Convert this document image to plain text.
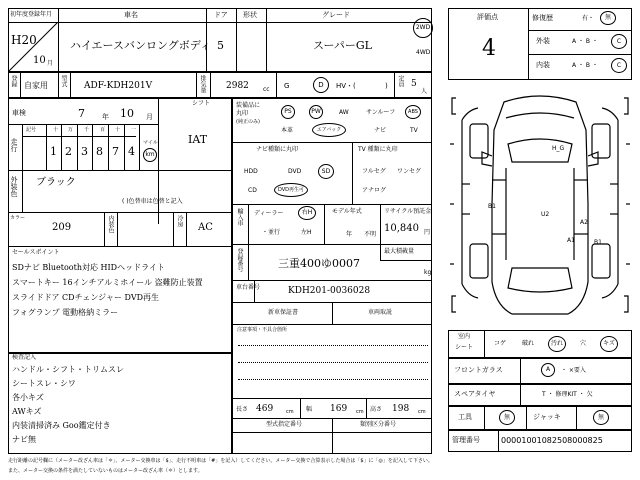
初年度登録年月
H20
10 月
車名
ハイエースバンロングボディ
ドア
5
形状	グレード
スーパーGL
2WD
4WD
登録 自家用 型式 ADF-KDH201V	排気量 2982 cc G	D HV・(	) 定員 5
人
車検	7 年 10 月
シフト
IAT
走行
記号	十 万 千 百 十 一
1 2 3 8 7 4
マイル
km
外装色 ブラック
( )色替車は色替と記入
カラー
209	内装色	冷房
AC
セールスポイント
SDナビ Bluetooth対応 HIDヘッドライト
スマートキー 16インチアルミホイール 盗難防止装置
スライドドア CDチェンジャー DVD再生
フォグランプ 電動格納ミラー
検査記入
ハンドル・シフト・トリムスレ
シートスレ・シワ
各小キズ
AWキズ
内装清掃済み Goo鑑定付き
ナビ無
装備品に
丸印
(純正のみ)
PS	PW	AW	サンルーフ	ABS
本革	エアバック	ナビ	TV
ナビ種類に丸印
HDD	DVD	SD
CD	DVD再生可
TV 種類に丸印
フルセグ ワンセグ
アナログ
輸入車 ディーラー
・並行
右H
左H
モデル年式
年 不明
リサイクル預託金
10,840 円
登録番号	三重400ゆ0007
最大積載量
kg
車台番号	KDH201-0036028
新車保証書	車両取説
注意事項・不具合箇所
長さ 469	cm 幅 169 cm 高さ 198 cm
型式指定番号	類別区分番号
評価点
4
修復歴	有・ 無
外装	A ・ B ・	C
内装	A ・ B ・	C
H_G
B1
U2
A2
A1	B1
室内
シート
コゲ	破れ	汚れ	穴	キズ
フロントガラス	A ・ ×要入
スペアタイヤ	T ・ 修理KIT ・ 欠
工具	無	ジャッキ	無
管理番号	00001001082508000825
走行距離の記号欄に（メーター改ざん車は「＊」、メーター交換車は「$」、走行不明車は「#」を記入）してください。メーター交換で合算表示した場合は「$」に「◎」を記入して下さい。
また、メーター交換の条件を満たしていないものはメーター改ざん車（＊）とします。
